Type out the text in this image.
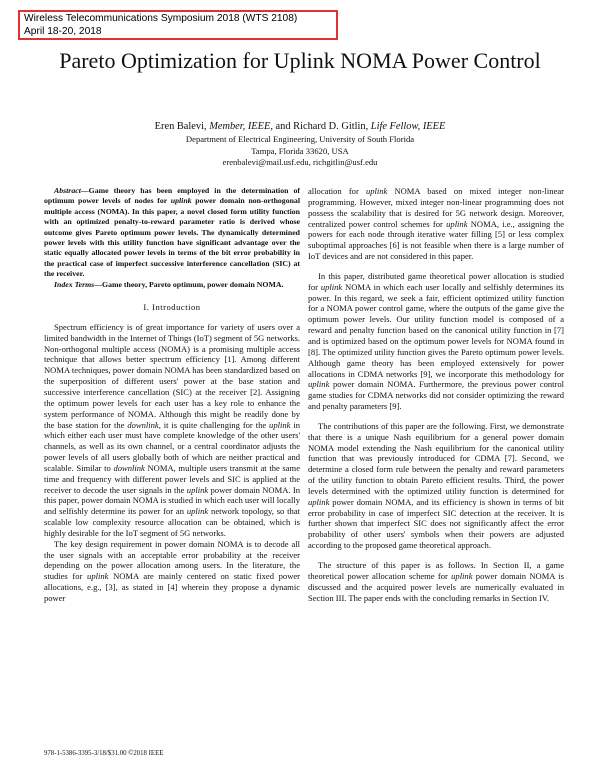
Wireless Telecommunications Symposium 2018 (WTS 2108)
April 18-20, 2018
Pareto Optimization for Uplink NOMA Power Control
Eren Balevi, Member, IEEE, and Richard D. Gitlin, Life Fellow, IEEE
Department of Electrical Engineering, University of South Florida
Tampa, Florida 33620, USA
erenbalevi@mail.usf.edu, richgitlin@usf.edu

Abstract—Game theory has been employed in the determination of optimum power levels of nodes for uplink power domain non-orthogonal multiple access (NOMA). In this paper, a novel closed form utility function with an optimized penalty-to-reward parameter ratio is derived whose outcome gives Pareto optimum power levels. The dynamically determined power levels with this utility function have significant advantage over the static equally allocated power levels in terms of the bit error probability in the practical case of imperfect successive interference cancellation (SIC) at the receiver.

Index Terms—Game theory, Pareto optimum, power domain NOMA.

I. Introduction

Spectrum efficiency is of great importance for variety of users over a limited bandwidth in the Internet of Things (IoT) segment of 5G networks. Non-orthogonal multiple access (NOMA) is a promising multiple access technique that allows better spectrum efficiency [1]. Among different NOMA techniques, power domain NOMA has been standardized based on the superposition of different users' power at the base station and successive interference cancellation (SIC) at the receiver [2]. Assigning the optimum power levels for each user has a key role to enhance the system performance of NOMA. Although this might be readily done by the base station for the downlink, it is quite challenging for the uplink in which either each user must have complete knowledge of the other users' channels, as well as its own channel, or a central coordinator adjusts the power levels of all users globally both of which are neither practical and scalable. Similar to downlink NOMA, multiple users transmit at the same time and frequency with different power levels and SIC is applied at the receiver to decode the user signals in the uplink power domain NOMA. In this paper, power domain NOMA is studied in which each user will locally and selfishly determine its power for an uplink network topology, so that scalable low complexity resource allocation can be obtained, which is highly desirable for the IoT segment of 5G networks.

The key design requirement in power domain NOMA is to decode all the user signals with an acceptable error probability at the receiver depending on the power allocation among users. In the literature, the studies for uplink NOMA are mainly centered on static fixed power allocations, e.g., [3], as stated in [4] wherein they propose a dynamic power

allocation for uplink NOMA based on mixed integer non-linear programming. However, mixed integer non-linear programming does not possess the scalability that is desired for 5G network design. Moreover, centralized power control schemes for uplink NOMA, i.e., assigning the powers for each node through iterative water filling [5] or less complex suboptimal approaches [6] is not feasible when there is a large number of IoT devices and are not considered in this paper.

In this paper, distributed game theoretical power allocation is studied for uplink NOMA in which each user locally and selfishly determines its power. In this regard, we seek a fair, efficient optimized utility function for a NOMA power control game, where the outputs of the game give the optimum power levels. Our utility function model is composed of a reward and penalty function based on the canonical utility function in [7] and is optimized based on the optimum power levels for NOMA found in [8]. The optimized utility function gives the Pareto optimum power levels. Although game theory has been employed extensively for power allocations in CDMA networks [9], we incorporate this methodology for uplink power domain NOMA. Furthermore, the previous power control game studies for CDMA networks did not consider optimizing the reward and penalty parameters [9].

The contributions of this paper are the following. First, we demonstrate that there is a unique Nash equilibrium for a general power domain NOMA model extending the Nash equilibrium for the canonical utility function that was previously introduced for CDMA [7]. Second, we determine a closed form rule between the penalty and reward parameters of the utility function to obtain Pareto efficient results. Third, the power levels determined with the optimized utility function is determined for uplink power domain NOMA, and its efficiency is shown in terms of bit error probability in case of imperfect SIC detection at the receiver. It is further shown that imperfect SIC does not significantly affect the error probability of other users' symbols when their powers are adjusted according to the proposed game theoretical approach.

The structure of this paper is as follows. In Section II, a game theoretical power allocation scheme for uplink power domain NOMA is discussed and the acquired power levels are numerically evaluated in Section III. The paper ends with the concluding remarks in Section IV.

978-1-5386-3395-3/18/$31.00 ©2018 IEEE
